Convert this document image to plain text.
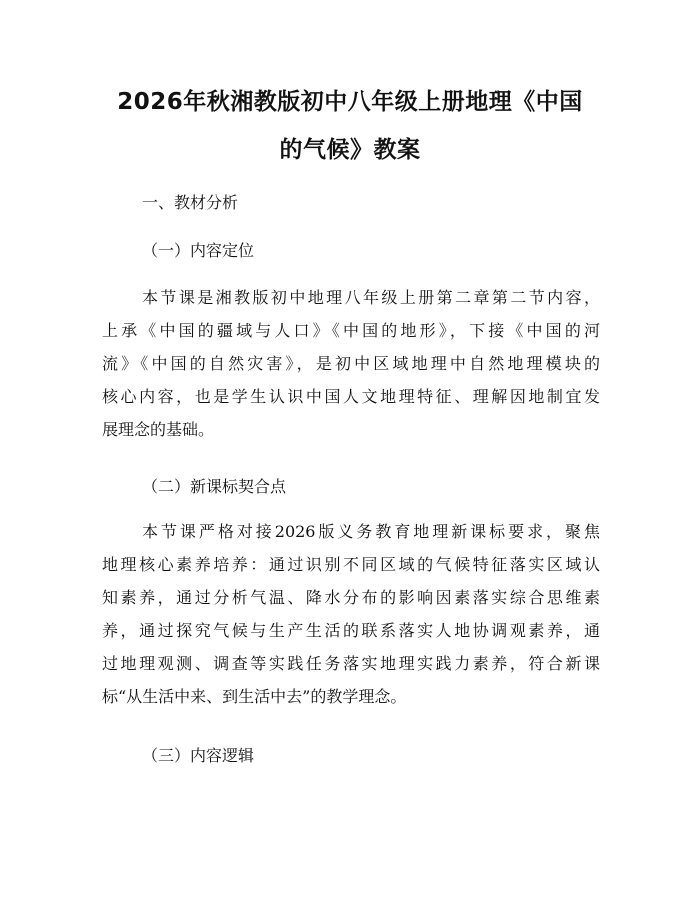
2026年秋湘教版初中八年级上册地理《中国
的气候》教案
一、教材分析
（一）内容定位
本节课是湘教版初中地理八年级上册第二章第二节内容，
上承《中国的疆域与人口》《中国的地形》，下接《中国的河
流》《中国的自然灾害》，是初中区域地理中自然地理模块的
核心内容，也是学生认识中国人文地理特征、理解因地制宜发
展理念的基础。
（二）新课标契合点
本节课严格对接2026版义务教育地理新课标要求，聚焦
地理核心素养培养：通过识别不同区域的气候特征落实区域认
知素养，通过分析气温、降水分布的影响因素落实综合思维素
养，通过探究气候与生产生活的联系落实人地协调观素养，通
过地理观测、调查等实践任务落实地理实践力素养，符合新课
标“从生活中来、到生活中去”的教学理念。
（三）内容逻辑
